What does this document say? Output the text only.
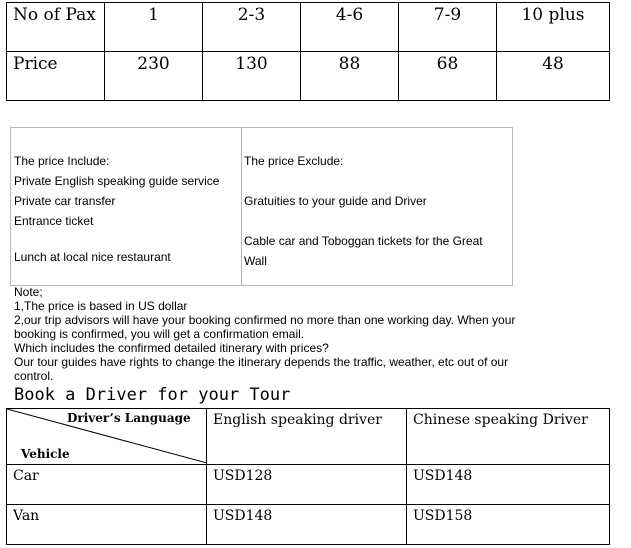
No of Pax	1	2-3	4-6	7-9	10 plus
Price	230	130	88	68	48
The price Include:
Private English speaking guide service
Private car transfer
Entrance ticket
Lunch at local nice restaurant
The price Exclude:
Gratuities to your guide and Driver
Cable car and Toboggan tickets for the Great
Wall
Note;
1,The price is based in US dollar
2,our trip advisors will have your booking confirmed no more than one working day. When your
booking is confirmed, you will get a confirmation email.
Which includes the confirmed detailed itinerary with prices?
Our tour guides have rights to change the itinerary depends the traffic, weather, etc out of our
control.
Book a Driver for your Tour
Driver’s Language
Vehicle	English speaking driver	Chinese speaking Driver
Car	USD128	USD148
Van	USD148	USD158
